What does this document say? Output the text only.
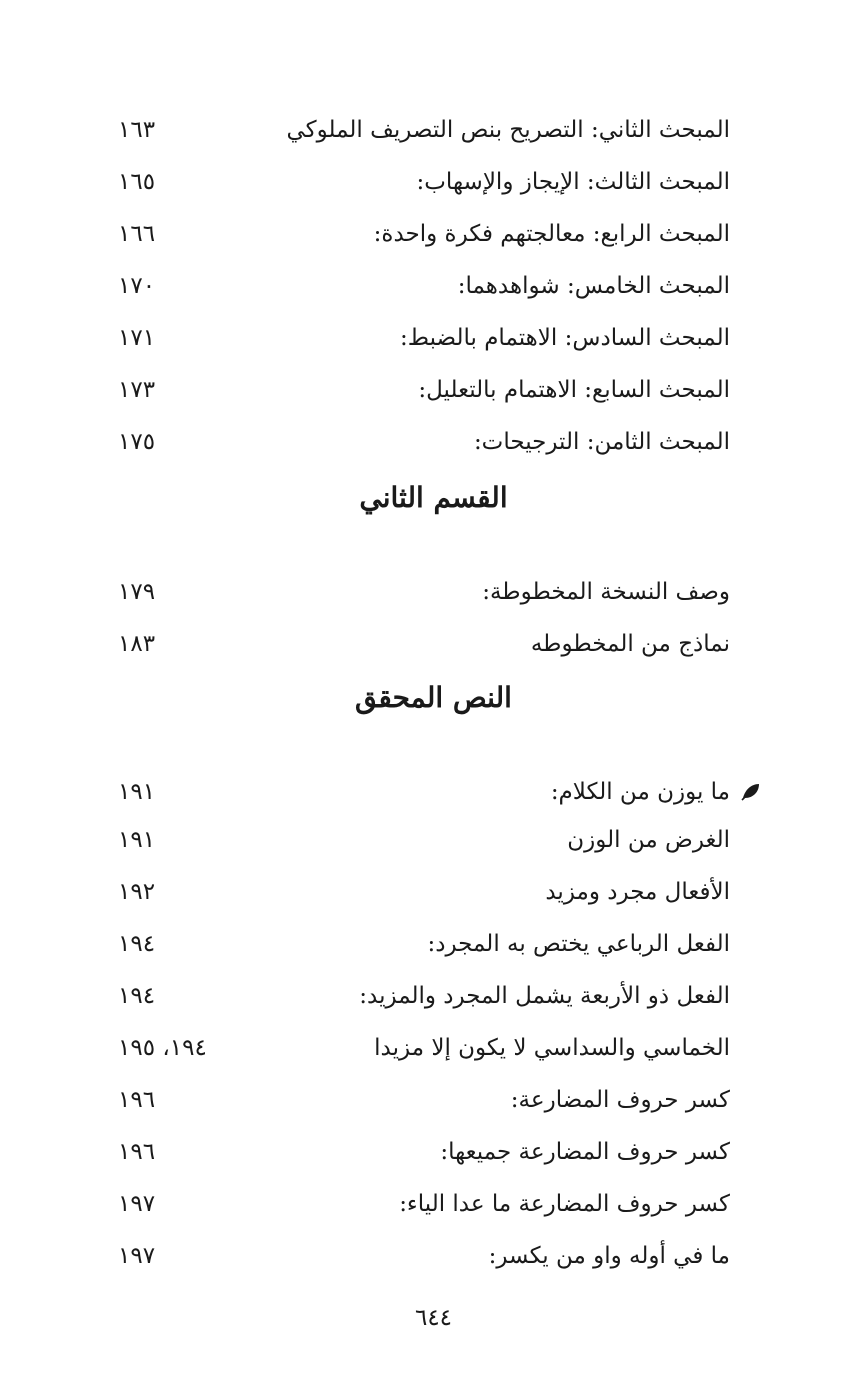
المبحث الثاني: التصريح بنص التصريف الملوكي
١٦٣
المبحث الثالث: الإيجاز والإسهاب:
١٦٥
المبحث الرابع: معالجتهم فكرة واحدة:
١٦٦
المبحث الخامس: شواهدهما:
١٧٠
المبحث السادس: الاهتمام بالضبط:
١٧١
المبحث السابع: الاهتمام بالتعليل:
١٧٣
المبحث الثامن: الترجيحات:
١٧٥
القسم الثاني
وصف النسخة المخطوطة:
١٧٩
نماذج من المخطوطه
١٨٣
النص المحقق
ما يوزن من الكلام:
١٩١
الغرض من الوزن
١٩١
الأفعال مجرد ومزيد
١٩٢
الفعل الرباعي يختص به المجرد:
١٩٤
الفعل ذو الأربعة يشمل المجرد والمزيد:
١٩٤
الخماسي والسداسي لا يكون إلا مزيدا
١٩٤، ١٩٥
كسر حروف المضارعة:
١٩٦
كسر حروف المضارعة جميعها:
١٩٦
كسر حروف المضارعة ما عدا الياء:
١٩٧
ما في أوله واو من يكسر:
١٩٧
٦٤٤
